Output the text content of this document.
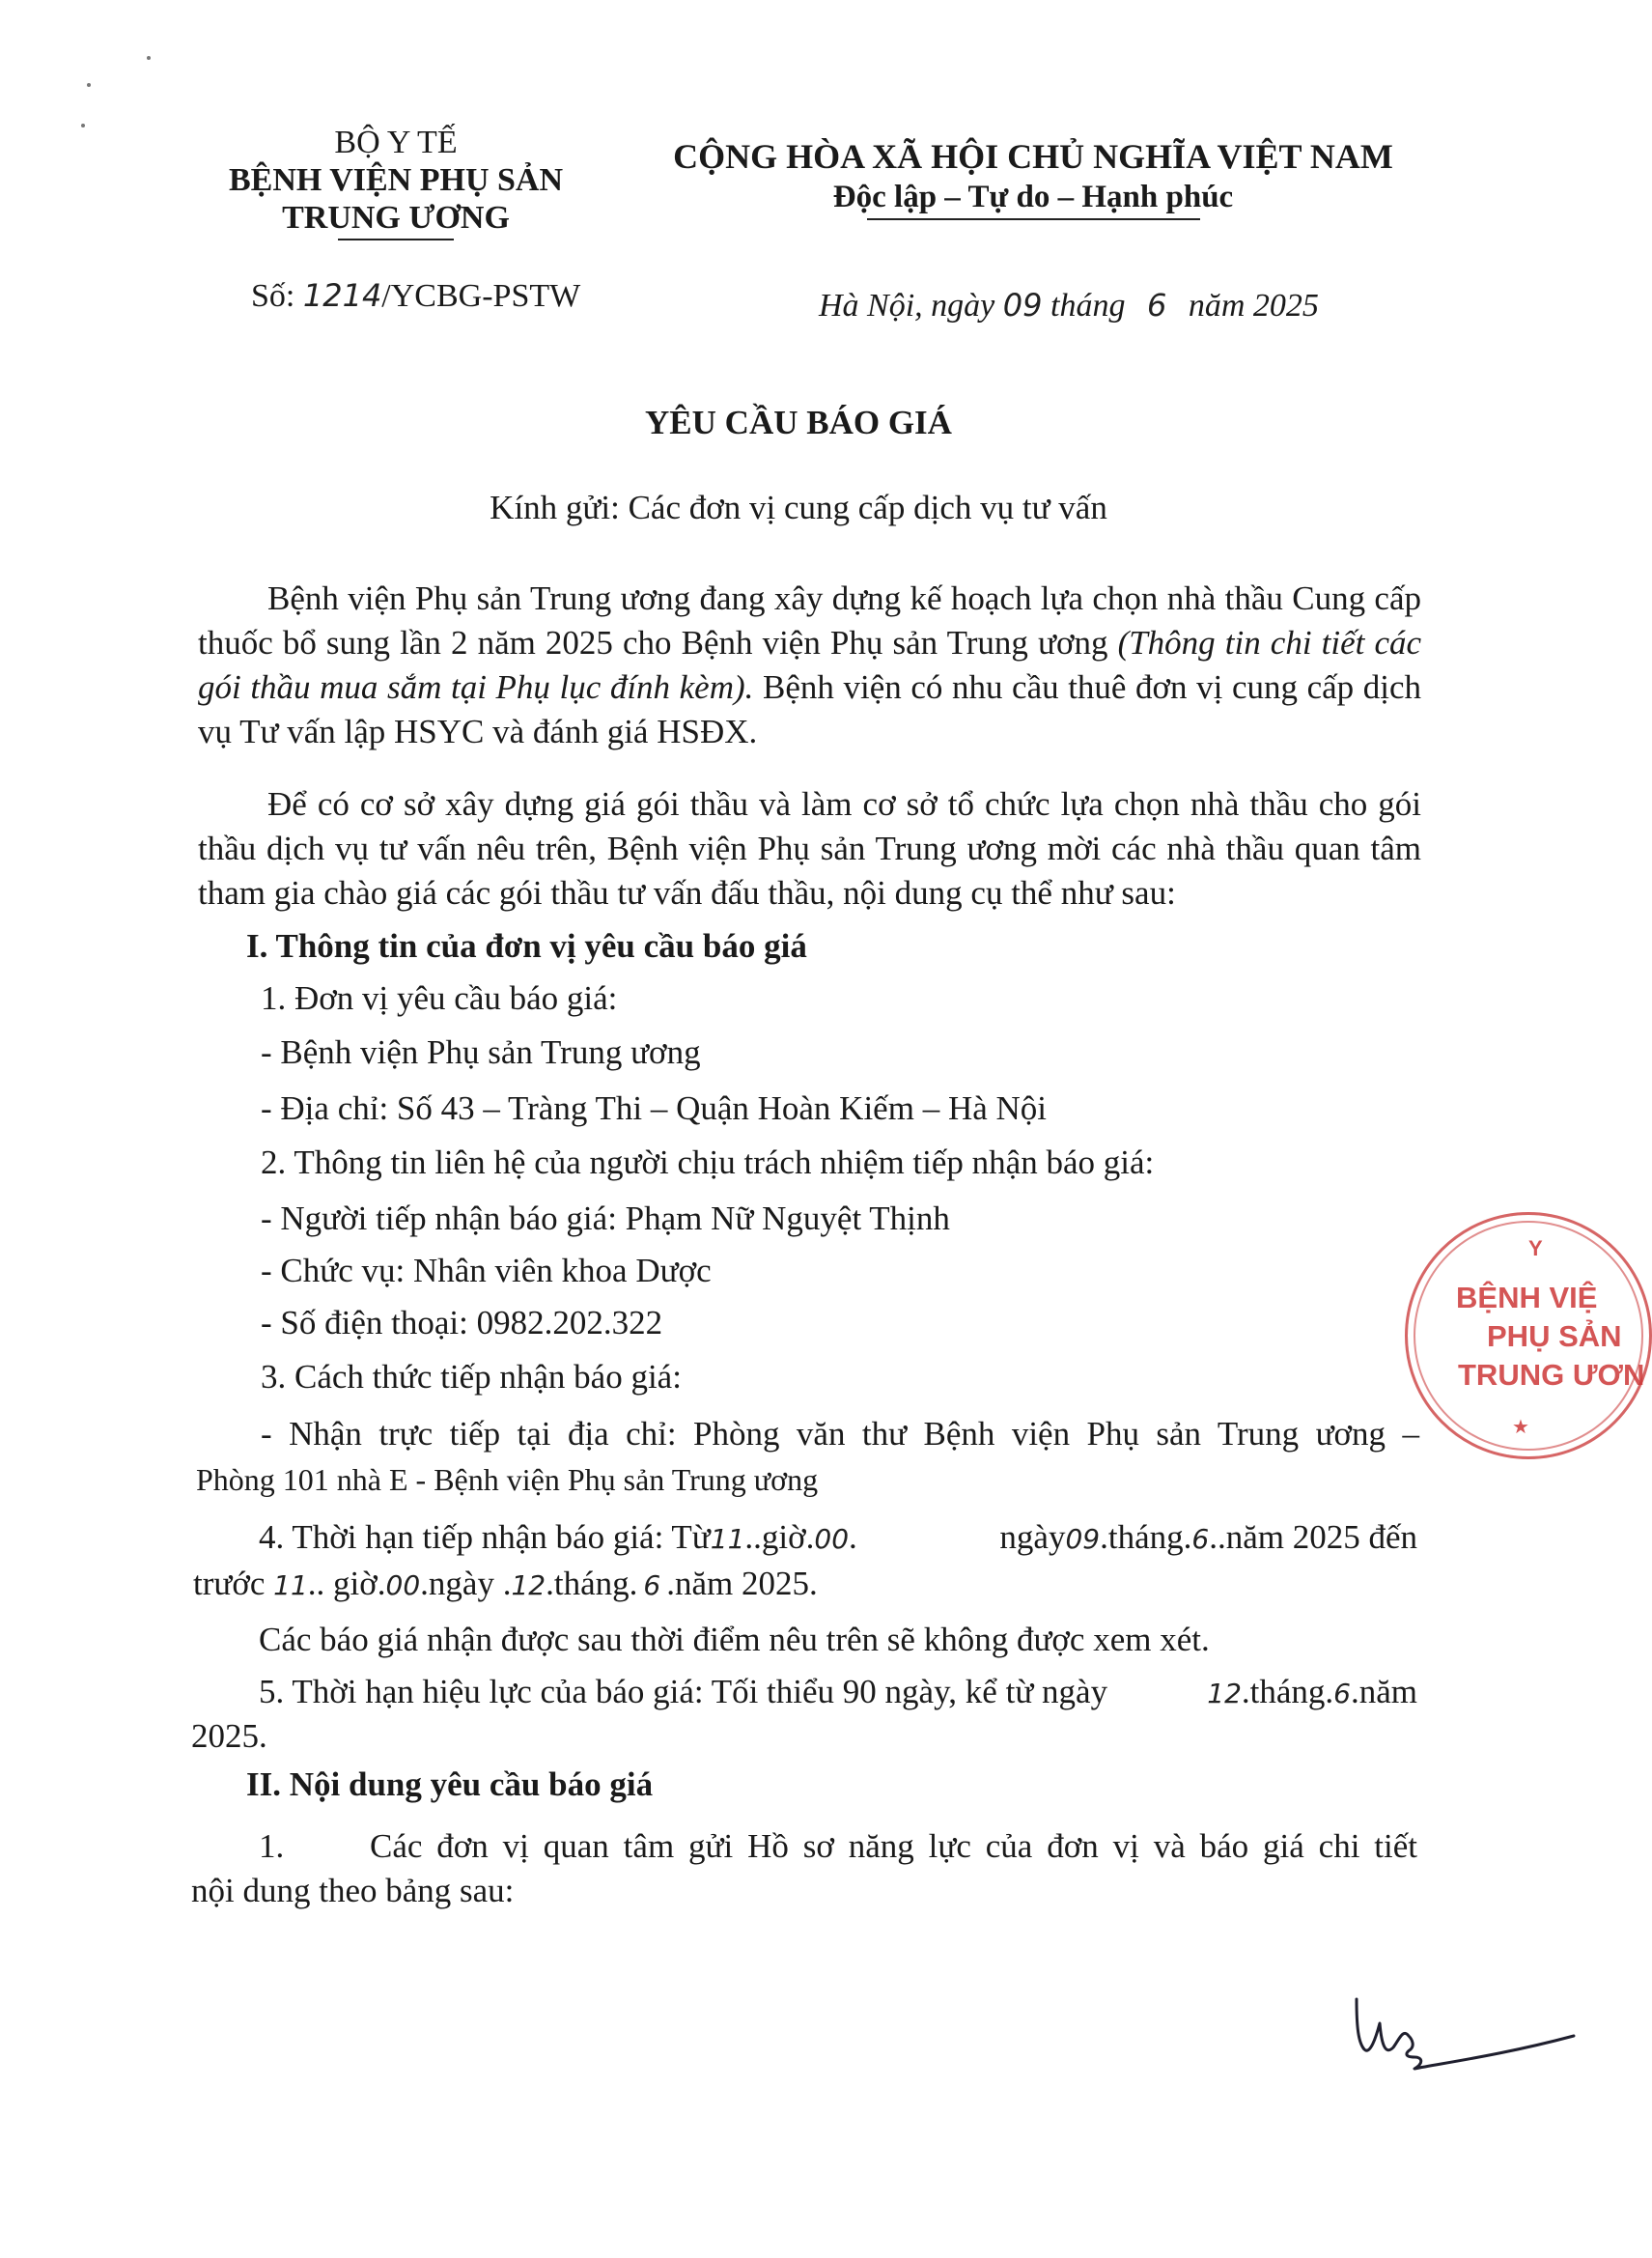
BỘ Y TẾ
BỆNH VIỆN PHỤ SẢN
TRUNG ƯƠNG
CỘNG HÒA XÃ HỘI CHỦ NGHĨA VIỆT NAM
Độc lập – Tự do – Hạnh phúc
Số: 1214/YCBG-PSTW	Hà Nội, ngày 09 tháng 6 năm 2025
YÊU CẦU BÁO GIÁ
Kính gửi: Các đơn vị cung cấp dịch vụ tư vấn
Bệnh viện Phụ sản Trung ương đang xây dựng kế hoạch lựa chọn nhà thầu Cung cấp thuốc bổ sung lần 2 năm 2025 cho Bệnh viện Phụ sản Trung ương (Thông tin chi tiết các gói thầu mua sắm tại Phụ lục đính kèm). Bệnh viện có nhu cầu thuê đơn vị cung cấp dịch vụ Tư vấn lập HSYC và đánh giá HSĐX.
Để có cơ sở xây dựng giá gói thầu và làm cơ sở tổ chức lựa chọn nhà thầu cho gói thầu dịch vụ tư vấn nêu trên, Bệnh viện Phụ sản Trung ương mời các nhà thầu quan tâm tham gia chào giá các gói thầu tư vấn đấu thầu, nội dung cụ thể như sau:
I. Thông tin của đơn vị yêu cầu báo giá
1. Đơn vị yêu cầu báo giá:
- Bệnh viện Phụ sản Trung ương
- Địa chỉ: Số 43 – Tràng Thi – Quận Hoàn Kiếm – Hà Nội
2. Thông tin liên hệ của người chịu trách nhiệm tiếp nhận báo giá:
- Người tiếp nhận báo giá: Phạm Nữ Nguyệt Thịnh
- Chức vụ: Nhân viên khoa Dược
- Số điện thoại: 0982.202.322
3. Cách thức tiếp nhận báo giá:
- Nhận trực tiếp tại địa chỉ: Phòng văn thư Bệnh viện Phụ sản Trung ương –
Phòng 101 nhà E - Bệnh viện Phụ sản Trung ương
4. Thời hạn tiếp nhận báo giá: Từ11..giờ.00.	ngày09.tháng.6..năm 2025 đến
trước 11.. giờ.00.ngày .12.tháng. 6 .năm 2025.
Các báo giá nhận được sau thời điểm nêu trên sẽ không được xem xét.
5. Thời hạn hiệu lực của báo giá: Tối thiểu 90 ngày, kể từ ngày	12.tháng.6.năm
2025.
II. Nội dung yêu cầu báo giá
1.	Các đơn vị quan tâm gửi Hồ sơ năng lực của đơn vị và báo giá chi tiết
nội dung theo bảng sau:
Y
BỆNH VIỆ
PHỤ SẢN
TRUNG ƯƠN
★
